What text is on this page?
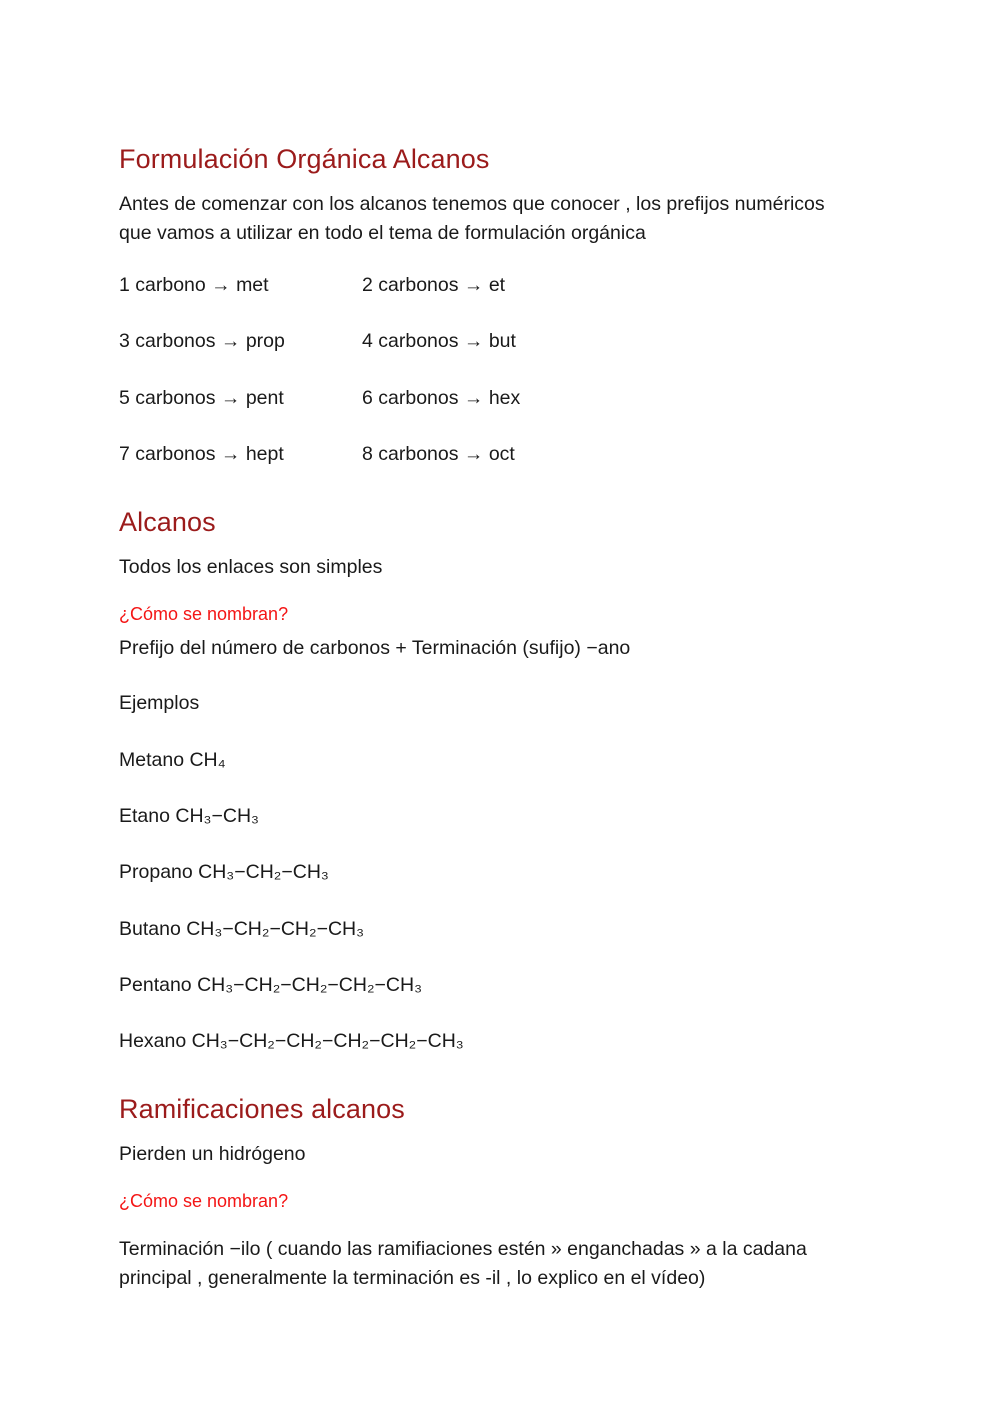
Formulación Orgánica Alcanos

Antes de comenzar con los alcanos tenemos que conocer , los prefijos numéricos que vamos a utilizar en todo el tema de formulación orgánica

1 carbono → met	2 carbonos → et
3 carbonos → prop	4 carbonos → but
5 carbonos → pent	6 carbonos → hex
7 carbonos → hept	8 carbonos → oct
Alcanos

Todos los enlaces son simples

¿Cómo se nombran?

Prefijo del número de carbonos + Terminación (sufijo) −ano

Ejemplos

Metano CH₄
Etano CH₃−CH₃
Propano CH₃−CH₂−CH₃
Butano CH₃−CH₂−CH₂−CH₃
Pentano CH₃−CH₂−CH₂−CH₂−CH₃
Hexano CH₃−CH₂−CH₂−CH₂−CH₂−CH₃
Ramificaciones alcanos

Pierden un hidrógeno

¿Cómo se nombran?

Terminación −ilo ( cuando las ramifiaciones estén » enganchadas » a la cadana principal , generalmente la terminación es -il , lo explico en el vídeo)
